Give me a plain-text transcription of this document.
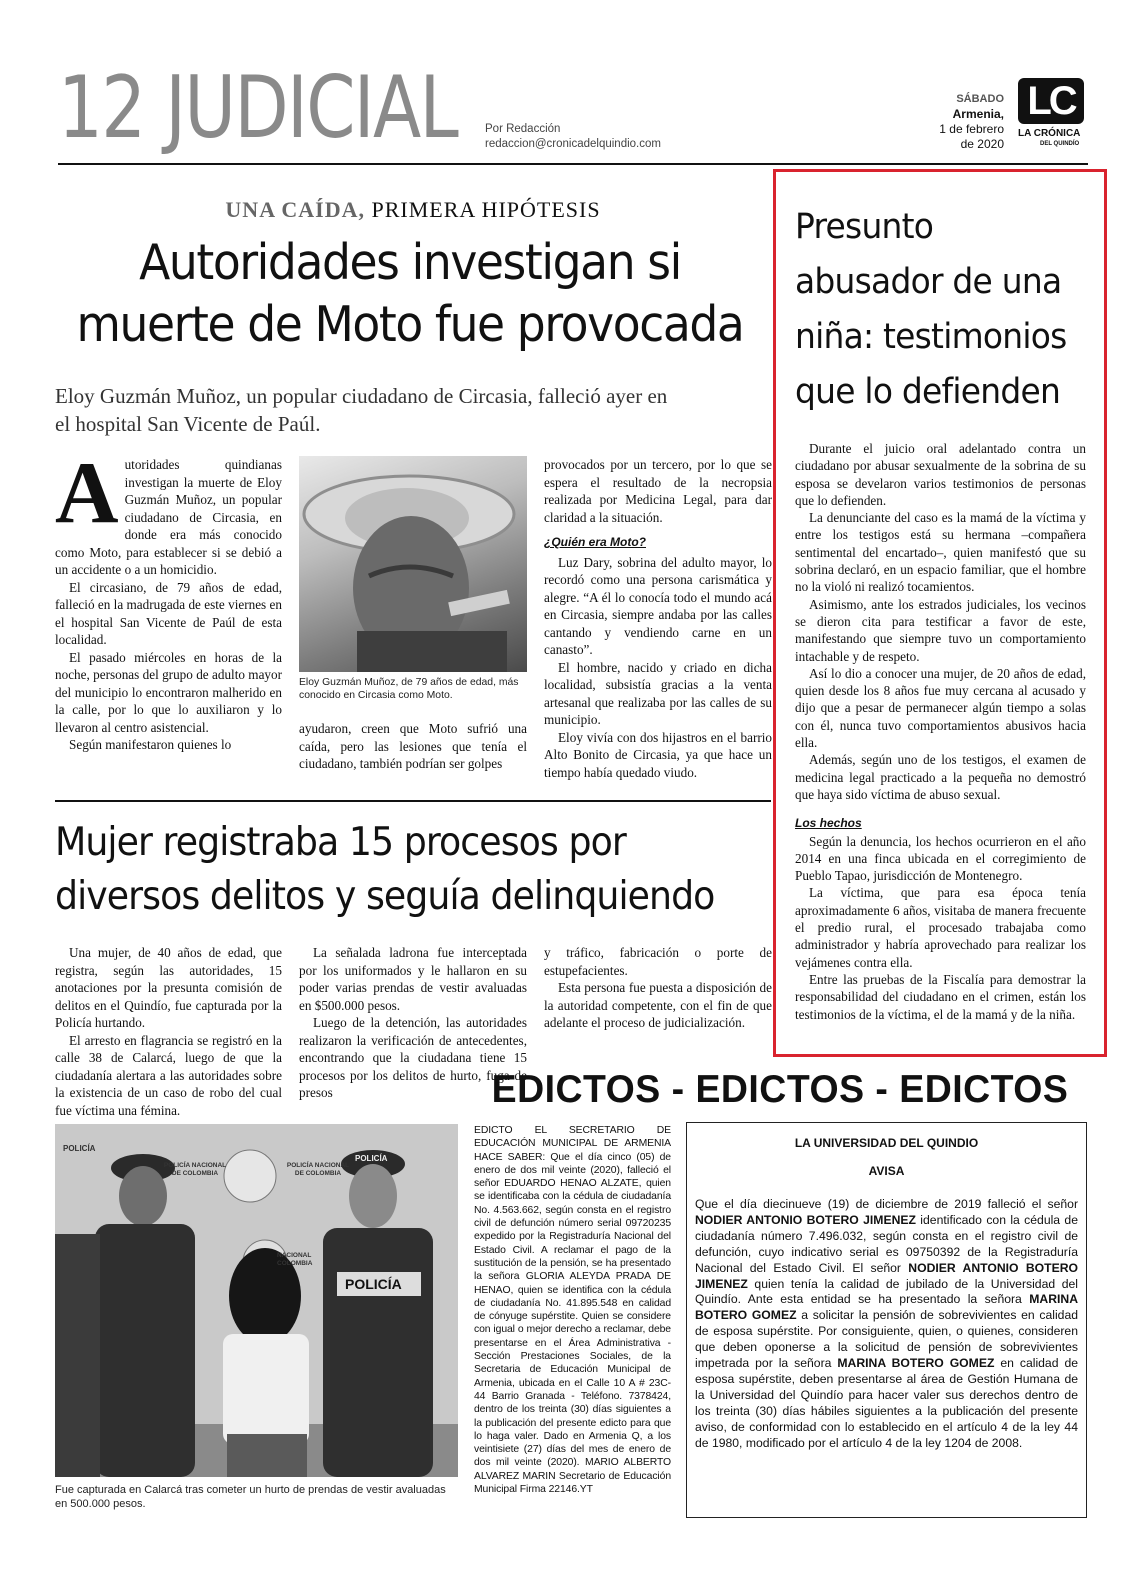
12 JUDICIAL Por Redacción
redaccion@cronicadelquindio.com
SÁBADO
Armenia,
1 de febrero
de 2020
LC
LA CRÓNICA
DEL QUINDÍO
UNA CAÍDA, PRIMERA HIPÓTESIS
Autoridades investigan si
muerte de Moto fue provocada
Eloy Guzmán Muñoz, un popular ciudadano de Circasia, falleció ayer en
el hospital San Vicente de Paúl.

Autoridades quindianas investigan la muerte de Eloy Guzmán Muñoz, un popular ciudadano de Circasia, en donde era más conocido como Moto, para establecer si se debió a un accidente o a un homicidio.

El circasiano, de 79 años de edad, falleció en la madrugada de este viernes en el hospital San Vicente de Paúl de esta localidad.

El pasado miércoles en horas de la noche, personas del grupo de adulto mayor del municipio lo encontraron malherido en la calle, por lo que lo auxiliaron y lo llevaron al centro asistencial.

Según manifestaron quienes lo

Eloy Guzmán Muñoz, de 79 años de edad, más conocido en Circasia como Moto.

ayudaron, creen que Moto sufrió una caída, pero las lesiones que tenía el ciudadano, también podrían ser golpes

provocados por un tercero, por lo que se espera el resultado de la necropsia realizada por Medicina Legal, para dar claridad a la situación.

¿Quién era Moto?

Luz Dary, sobrina del adulto mayor, lo recordó como una persona carismática y alegre. “A él lo conocía todo el mundo acá en Circasia, siempre andaba por las calles cantando y vendiendo carne en un canasto”.

El hombre, nacido y criado en dicha localidad, subsistía gracias a la venta artesanal que realizaba por las calles de su municipio.

Eloy vivía con dos hijastros en el barrio Alto Bonito de Circasia, ya que hace un tiempo había quedado viudo.

Presunto
abusador de una
niña: testimonios
que lo defienden

Durante el juicio oral adelantado contra un ciudadano por abusar sexualmente de la sobrina de su esposa se develaron varios testimonios de personas que lo defienden.

La denunciante del caso es la mamá de la víctima y entre los testigos está su hermana –compañera sentimental del encartado–, quien manifestó que su sobrina declaró, en un espacio familiar, que el hombre no la violó ni realizó tocamientos.

Asimismo, ante los estrados judiciales, los vecinos se dieron cita para testificar a favor de este, manifestando que siempre tuvo un comportamiento intachable y de respeto.

Así lo dio a conocer una mujer, de 20 años de edad, quien desde los 8 años fue muy cercana al acusado y dijo que a pesar de permanecer algún tiempo a solas con él, nunca tuvo comportamientos abusivos hacia ella.

Además, según uno de los testigos, el examen de medicina legal practicado a la pequeña no demostró que haya sido víctima de abuso sexual.

Los hechos

Según la denuncia, los hechos ocurrieron en el año 2014 en una finca ubicada en el corregimiento de Pueblo Tapao, jurisdicción de Montenegro.

La víctima, que para esa época tenía aproximadamente 6 años, visitaba de manera frecuente el predio rural, el procesado trabajaba como administrador y habría aprovechado para realizar los vejámenes contra ella.

Entre las pruebas de la Fiscalía para demostrar la responsabilidad del ciudadano en el crimen, están los testimonios de la víctima, el de la mamá y de la niña.

Mujer registraba 15 procesos por
diversos delitos y seguía delinquiendo

Una mujer, de 40 años de edad, que registra, según las autoridades, 15 anotaciones por la presunta comisión de delitos en el Quindío, fue capturada por la Policía hurtando.

El arresto en flagrancia se registró en la calle 38 de Calarcá, luego de que la ciudadanía alertara a las autoridades sobre la existencia de un caso de robo del cual fue víctima una fémina.

La señalada ladrona fue interceptada por los uniformados y le hallaron en su poder varias prendas de vestir avaluadas en $500.000 pesos.

Luego de la detención, las autoridades realizaron la verificación de antecedentes, encontrando que la ciudadana tiene 15 procesos por los delitos de hurto, fuga de presos

y tráfico, fabricación o porte de estupefacientes.

Esta persona fue puesta a disposición de la autoridad competente, con el fin de que adelante el proceso de judicialización.

POLICÍA
POLICÍA NACIONAL DE COLOMBIA
POLICÍA NACIONAL DE COLOMBIA
POLICÍA
POLICÍA
NACIONAL COLOMBIA
Fue capturada en Calarcá tras cometer un hurto de prendas de vestir avaluadas en 500.000 pesos.
EDICTOS - EDICTOS - EDICTOS
EDICTO EL SECRETARIO DE EDUCACIÓN MUNICIPAL DE ARMENIA HACE SABER: Que el día cinco (05) de enero de dos mil veinte (2020), falleció el señor EDUARDO HENAO ALZATE, quien se identificaba con la cédula de ciudadanía No. 4.563.662, según consta en el registro civil de defunción número serial 09720235 expedido por la Registraduría Nacional del Estado Civil. A reclamar el pago de la sustitución de la pensión, se ha presentado la señora GLORIA ALEYDA PRADA DE HENAO, quien se identifica con la cédula de ciudadanía No. 41.895.548 en calidad de cónyuge supérstite. Quien se considere con igual o mejor derecho a reclamar, debe presentarse en el Área Administrativa - Sección Prestaciones Sociales, de la Secretaria de Educación Municipal de Armenia, ubicada en el Calle 10 A # 23C-44 Barrio Granada - Teléfono. 7378424, dentro de los treinta (30) días siguientes a la publicación del presente edicto para que lo haga valer. Dado en Armenia Q, a los veintisiete (27) días del mes de enero de dos mil veinte (2020). MARIO ALBERTO ALVAREZ MARIN Secretario de Educación Municipal Firma 22146.YT
LA UNIVERSIDAD DEL QUINDIO
AVISA
Que el día diecinueve (19) de diciembre de 2019 falleció el señor NODIER ANTONIO BOTERO JIMENEZ identificado con la cédula de ciudadanía número 7.496.032, según consta en el registro civil de defunción, cuyo indicativo serial es 09750392 de la Registraduría Nacional del Estado Civil. El señor NODIER ANTONIO BOTERO JIMENEZ quien tenía la calidad de jubilado de la Universidad del Quindío. Ante esta entidad se ha presentado la señora MARINA BOTERO GOMEZ a solicitar la pensión de sobrevivientes en calidad de esposa supérstite. Por consiguiente, quien, o quienes, consideren que deben oponerse a la solicitud de pensión de sobrevivientes impetrada por la señora MARINA BOTERO GOMEZ en calidad de esposa supérstite, deben presentarse al área de Gestión Humana de la Universidad del Quindío para hacer valer sus derechos dentro de los treinta (30) días hábiles siguientes a la publicación del presente aviso, de conformidad con lo establecido en el artículo 4 de la ley 44 de 1980, modificado por el artículo 4 de la ley 1204 de 2008.
